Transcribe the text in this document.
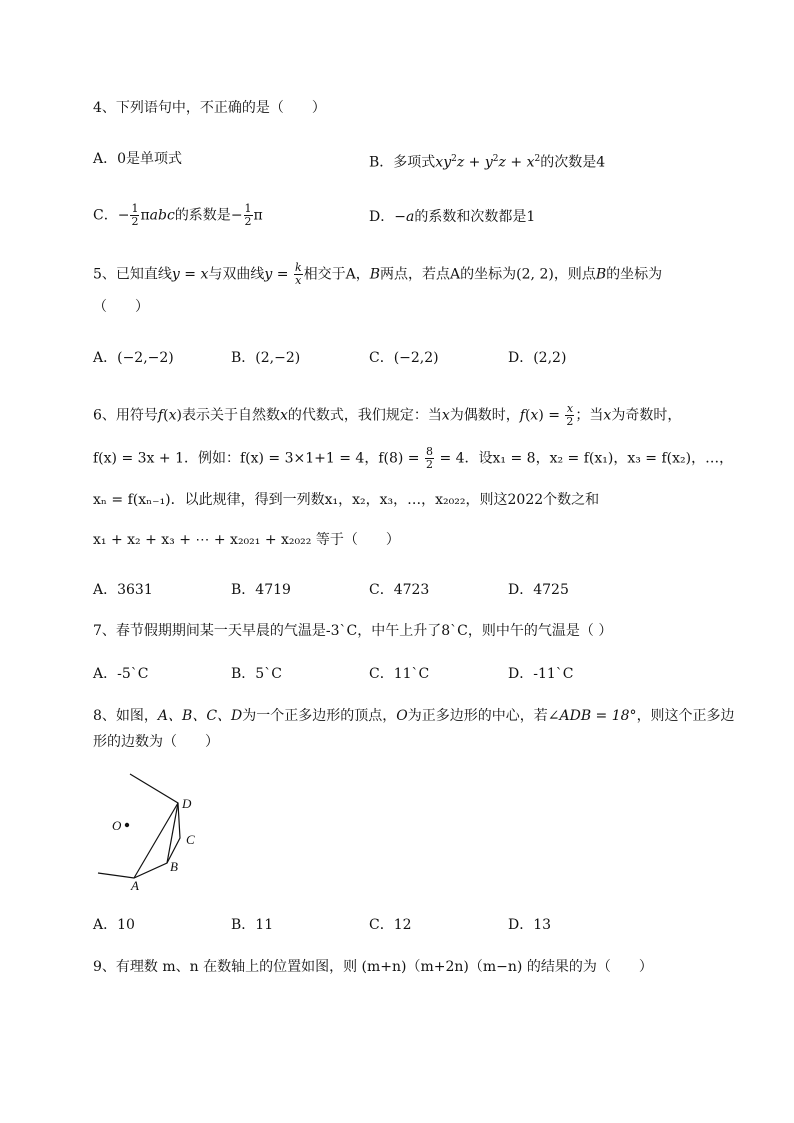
4、下列语句中，不正确的是（　　）
A．0是单项式	B．多项式$xy^2z + y^2z + x^2$的次数是4
C．− $\frac{1}{2}$ πabc的系数是− $\frac{1}{2}$ π	D．−a的系数和次数都是1
5、已知直线y = x与双曲线$y = \frac{k}{x}$ 相交于A，B两点，若点A的坐标为(2, 2)，则点B的坐标为
（　　）
A．(−2,−2)	B．(2,−2)	C．(−2,2)	D．(2,2)
6、用符号f(x)表示关于自然数x的代数式，我们规定：当x为偶数时，$f(x) = \frac{x}{2}$ ；当x为奇数时，
f(x) = 3x + 1．例如：f(x) = 3×1+1 = 4，$f(8) = \frac{8}{2} = 4$．设x₁ = 8，x₂ = f(x₁)，x₃ = f(x₂)，…，
xₙ = f(xₙ₋₁)．以此规律，得到一列数x₁，x₂，x₃，…，x₂₀₂₂，则这2022个数之和
x₁ + x₂ + x₃ + ⋯ + x₂₀₂₁ + x₂₀₂₂ 等于（　　）
A．3631	B．4719	C．4723	D．4725
7、春节假期期间某一天早晨的气温是-3`C，中午上升了8`C，则中午的气温是（ ）
A．-5`C	B．5`C	C．11`C	D．-11`C
8、如图，A、B、C、D为一个正多边形的顶点，O为正多边形的中心，若∠ADB = 18°，则这个正多边
形的边数为（　　）
O
A
B
C
D
A．10	B．11	C．12	D．13
9、有理数 m、n 在数轴上的位置如图，则 (m+n)（m+2n)（m−n) 的结果的为（　　）
